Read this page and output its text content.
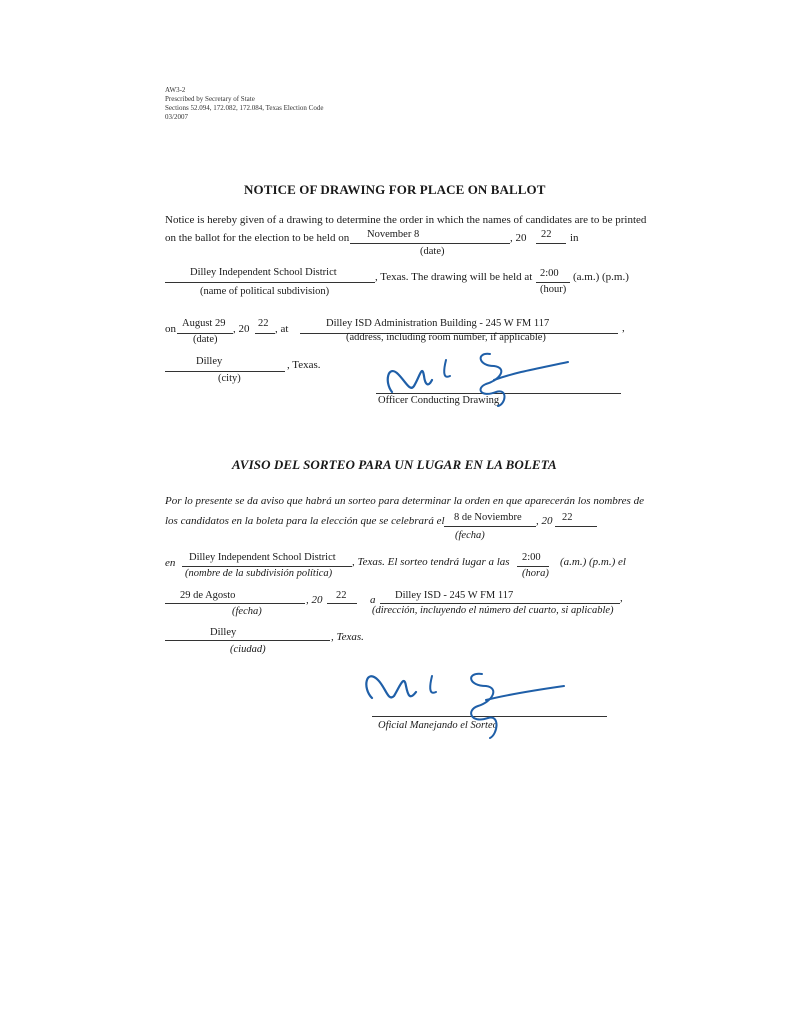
AW3-2
Prescribed by Secretary of State
Sections 52.094, 172.082, 172.084, Texas Election Code
03/2007
NOTICE OF DRAWING FOR PLACE ON BALLOT
Notice is hereby given of a drawing to determine the order in which the names of candidates are to be printed
on the ballot for the election to be held on November 8	, 20 22 in
(date)
Dilley Independent School District	, Texas. The drawing will be held at 2:00 (a.m.) (p.m.)
(name of political subdivision)	(hour)
on August 29 , 20 22 , at	Dilley ISD Administration Building - 245 W FM 117	,
(date)	(address, including room number, if applicable)
Dilley	, Texas.
(city)
Officer Conducting Drawing
AVISO DEL SORTEO PARA UN LUGAR EN LA BOLETA
Por lo presente se da aviso que habrá un sorteo para determinar la orden en que aparecerán los nombres de
los candidatos en la boleta para la elección que se celebrará el 8 de Noviembre , 20 22
(fecha)
en Dilley Independent School District , Texas. El sorteo tendrá lugar a las 2:00 (a.m.) (p.m.) el
(nombre de la subdivisión política)	(hora)
29 de Agosto	, 20 22 a Dilley ISD - 245 W FM 117	,
(fecha)	(dirección, incluyendo el número del cuarto, si aplicable)
Dilley	, Texas.
(ciudad)
Oficial Manejando el Sorteo
